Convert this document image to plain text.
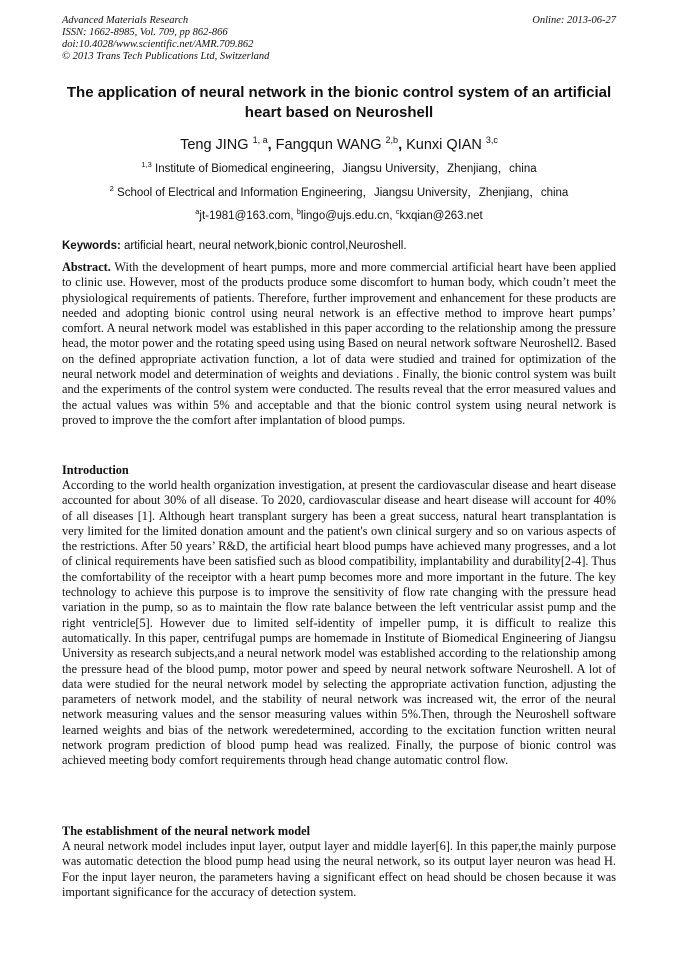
Advanced Materials Research
ISSN: 1662-8985, Vol. 709, pp 862-866
doi:10.4028/www.scientific.net/AMR.709.862
© 2013 Trans Tech Publications Ltd, Switzerland
Online: 2013-06-27
The application of neural network in the bionic control system of an artificial heart based on Neuroshell
Teng JING $^{1, a}$, Fangqun WANG $^{2,b}$, Kunxi QIAN $^{3,c}$
$^{1,3}$ Institute of Biomedical engineering，Jiangsu University，Zhenjiang，china
$^2$ School of Electrical and Information Engineering，Jiangsu University，Zhenjiang，china
$^a$jt-1981@163.com, $^b$lingo@ujs.edu.cn, $^c$kxqian@263.net
Keywords: artificial heart, neural network,bionic control,Neuroshell.
Abstract. With the development of heart pumps, more and more commercial artificial heart have been applied to clinic use. However, most of the products produce some discomfort to human body, which coudn’t meet the physiological requirements of patients. Therefore, further improvement and enhancement for these products are needed and adopting bionic control using neural network is an effective method to improve heart pumps’ comfort. A neural network model was established in this paper according to the relationship among the pressure head, the motor power and the rotating speed using using Based on neural network software Neuroshell2. Based on the defined appropriate activation function, a lot of data were studied and trained for optimization of the neural network model and determination of weights and deviations . Finally, the bionic control system was built and the experiments of the control system were conducted. The results reveal that the error measured values and the actual values was within 5% and acceptable and that the bionic control system using neural network is proved to improve the the comfort after implantation of blood pumps.
Introduction
According to the world health organization investigation, at present the cardiovascular disease and heart disease accounted for about 30% of all disease. To 2020, cardiovascular disease and heart disease will account for 40% of all diseases [1]. Although heart transplant surgery has been a great success, natural heart transplantation is very limited for the limited donation amount and the patient's own clinical surgery and so on various aspects of the restrictions. After 50 years’ R&D, the artificial heart blood pumps have achieved many progresses, and a lot of clinical requirements have been satisfied such as blood compatibility, implantability and durability[2-4]. Thus the comfortability of the receiptor with a heart pump becomes more and more important in the future. The key technology to achieve this purpose is to improve the sensitivity of flow rate changing with the pressure head variation in the pump, so as to maintain the flow rate balance between the left ventricular assist pump and the right ventricle[5]. However due to limited self-identity of impeller pump, it is difficult to realize this automatically. In this paper, centrifugal pumps are homemade in Institute of Biomedical Engineering of Jiangsu University as research subjects,and a neural network model was established according to the relationship among the pressure head of the blood pump, motor power and speed by neural network software Neuroshell. A lot of data were studied for the neural network model by selecting the appropriate activation function, adjusting the parameters of network model, and the stability of neural network was increased wit, the error of the neural network measuring values and the sensor measuring values within 5%.Then, through the Neuroshell software learned weights and bias of the network weredetermined, according to the excitation function written neural network program prediction of blood pump head was realized. Finally, the purpose of bionic control was achieved meeting body comfort requirements through head change automatic control flow.
The establishment of the neural network model
A neural network model includes input layer, output layer and middle layer[6]. In this paper,the mainly purpose was automatic detection the blood pump head using the neural network, so its output layer neuron was head H. For the input layer neuron, the parameters having a significant effect on head should be chosen because it was important significance for the accuracy of detection system.
